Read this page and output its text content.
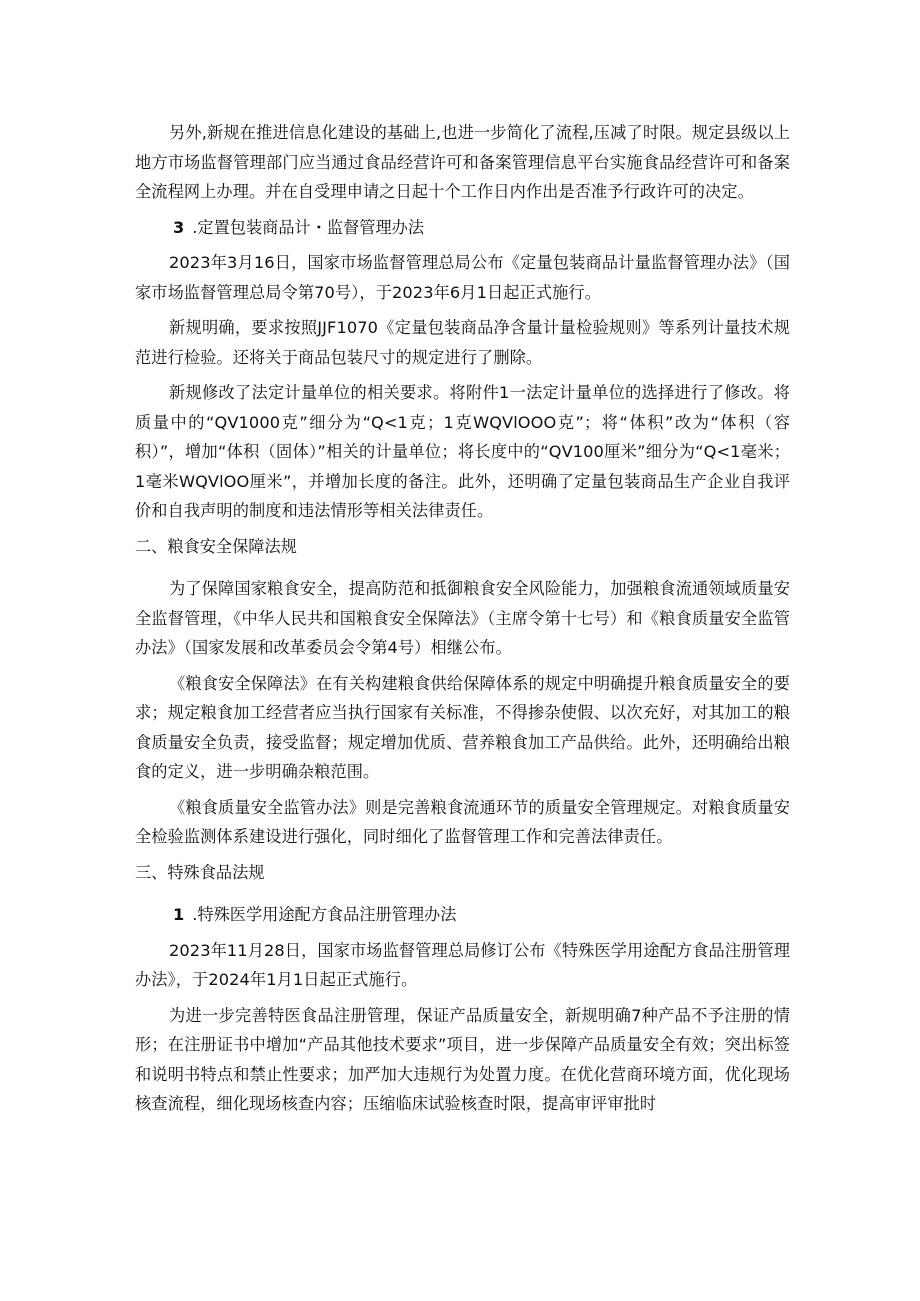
另外,新规在推进信息化建设的基础上,也进一步简化了流程,压减了时限。规定县级以上地方市场监督管理部门应当通过食品经营许可和备案管理信息平台实施食品经营许可和备案全流程网上办理。并在自受理申请之日起十个工作日内作出是否准予行政许可的决定。

3 .定置包装商品计・监督管理办法

2023年3月16日，国家市场监督管理总局公布《定量包装商品计量监督管理办法》（国家市场监督管理总局令第70号），于2023年6月1日起正式施行。

新规明确，要求按照JJF1070《定量包装商品净含量计量检验规则》等系列计量技术规范进行检验。还将关于商品包装尺寸的规定进行了删除。

新规修改了法定计量单位的相关要求。将附件1一法定计量单位的选择进行了修改。将质量中的“QV1000克”细分为“Q<1克；1克WQVlOOO克”；将“体积”改为“体积（容积）”，增加“体积（固体）”相关的计量单位；将长度中的“QV100厘米”细分为“Q<1毫米；1毫米WQVlOO厘米”，并增加长度的备注。此外，还明确了定量包装商品生产企业自我评价和自我声明的制度和违法情形等相关法律责任。

二、粮食安全保障法规

为了保障国家粮食安全，提高防范和抵御粮食安全风险能力，加强粮食流通领域质量安全监督管理，《中华人民共和国粮食安全保障法》（主席令第十七号）和《粮食质量安全监管办法》（国家发展和改革委员会令第4号）相继公布。

《粮食安全保障法》在有关构建粮食供给保障体系的规定中明确提升粮食质量安全的要求；规定粮食加工经营者应当执行国家有关标准，不得掺杂使假、以次充好，对其加工的粮食质量安全负责，接受监督；规定增加优质、营养粮食加工产品供给。此外，还明确给出粮食的定义，进一步明确杂粮范围。

《粮食质量安全监管办法》则是完善粮食流通环节的质量安全管理规定。对粮食质量安全检验监测体系建设进行强化，同时细化了监督管理工作和完善法律责任。

三、特殊食品法规
1 .特殊医学用途配方食品注册管理办法

2023年11月28日，国家市场监督管理总局修订公布《特殊医学用途配方食品注册管理办法》，于2024年1月1日起正式施行。

为进一步完善特医食品注册管理，保证产品质量安全，新规明确7种产品不予注册的情形；在注册证书中增加“产品其他技术要求”项目，进一步保障产品质量安全有效；突出标签和说明书特点和禁止性要求；加严加大违规行为处置力度。在优化营商环境方面，优化现场核查流程，细化现场核查内容；压缩临床试验核查时限，提高审评审批时
